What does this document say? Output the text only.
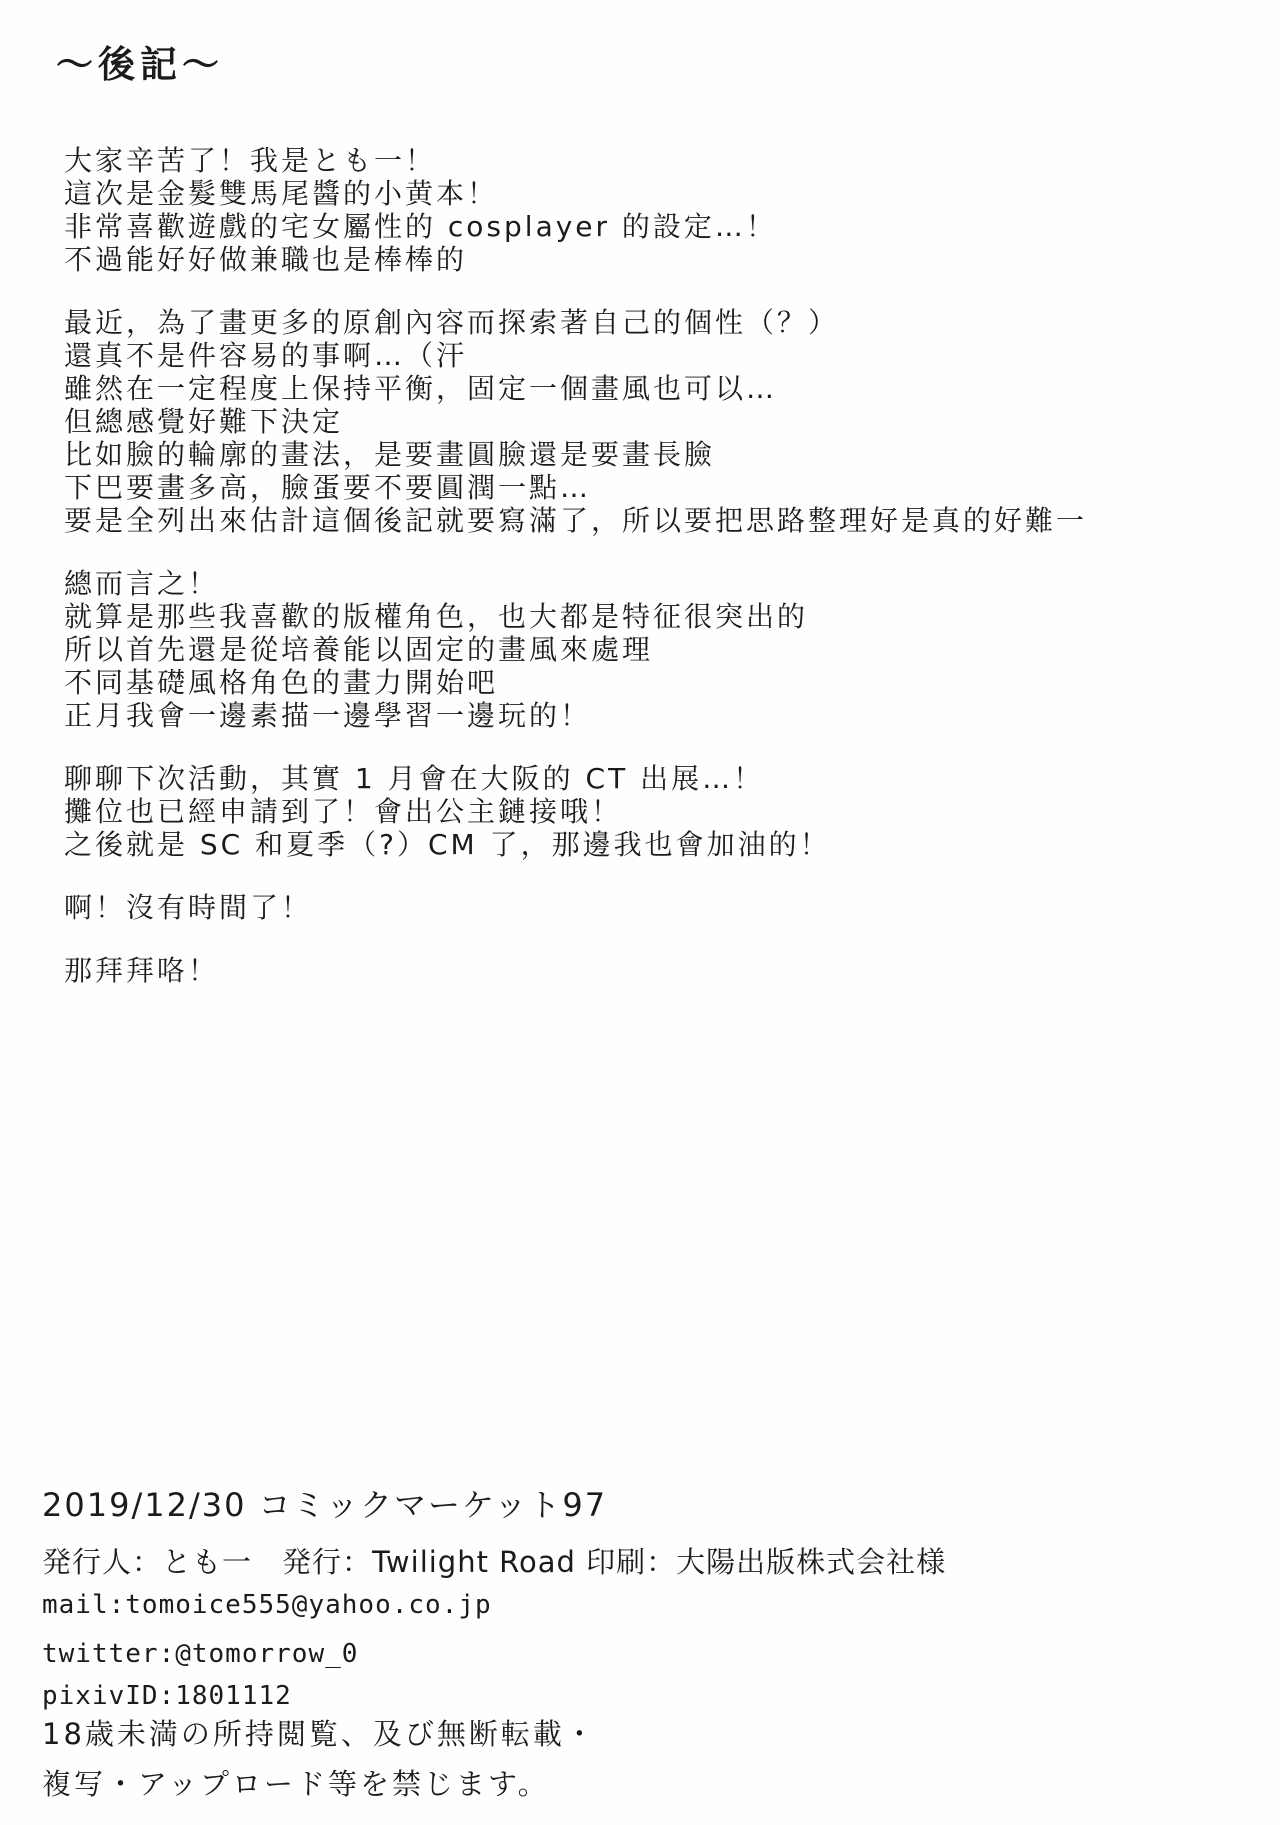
～後記～
大家辛苦了！我是とも一！
這次是金髮雙馬尾醬的小黄本！
非常喜歡遊戲的宅女屬性的 cosplayer 的設定…！
不過能好好做兼職也是棒棒的
最近，為了畫更多的原創內容而探索著自己的個性（？）
還真不是件容易的事啊…（汗
雖然在一定程度上保持平衡，固定一個畫風也可以…
但總感覺好難下決定
比如臉的輪廓的畫法，是要畫圓臉還是要畫長臉
下巴要畫多高，臉蛋要不要圓潤一點…
要是全列出來估計這個後記就要寫滿了，所以要把思路整理好是真的好難一
總而言之！
就算是那些我喜歡的版權角色，也大都是特征很突出的
所以首先還是從培養能以固定的畫風來處理
不同基礎風格角色的畫力開始吧
正月我會一邊素描一邊學習一邊玩的！
聊聊下次活動，其實 1 月會在大阪的 CT 出展…！
攤位也已經申請到了！會出公主鏈接哦！
之後就是 SC 和夏季（?）CM 了，那邊我也會加油的！
啊！沒有時間了！
那拜拜咯！
2019/12/30 コミックマーケット97
発行人：とも一　発行：Twilight Road 印刷：大陽出版株式会社様
mail:tomoice555@yahoo.co.jp
twitter:@tomorrow_0
pixivID:1801112
18歳未満の所持閲覧、及び無断転載・
複写・アップロード等を禁じます。
